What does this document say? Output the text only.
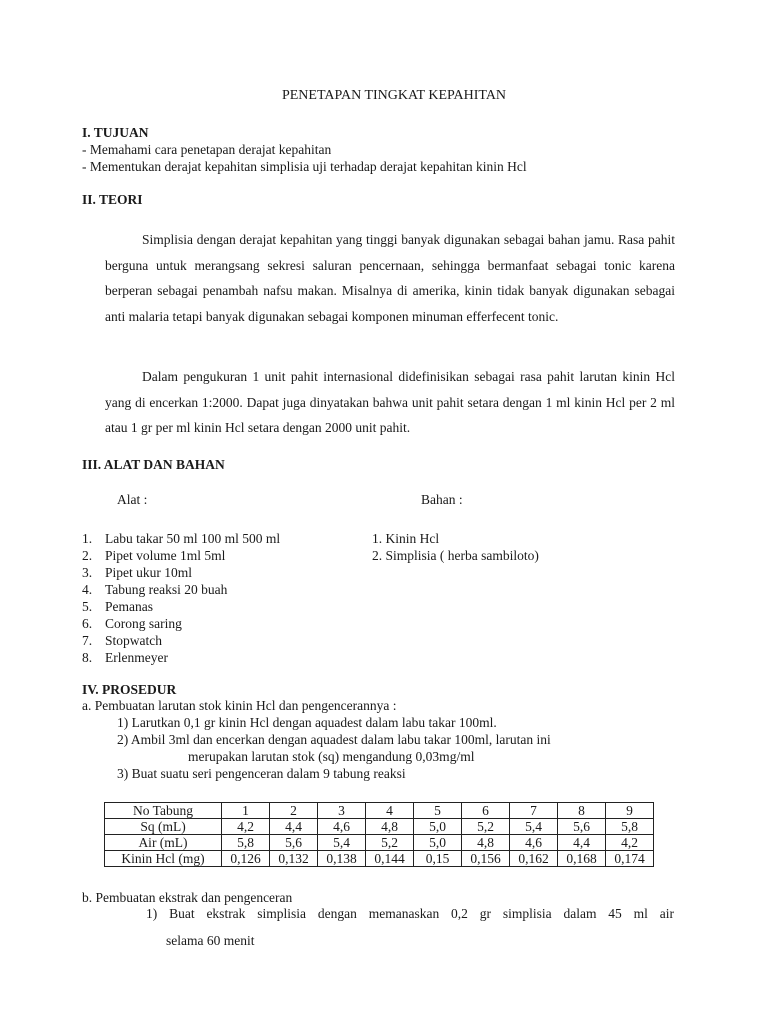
PENETAPAN TINGKAT KEPAHITAN
I. TUJUAN
- Memahami cara penetapan derajat kepahitan
- Mementukan derajat kepahitan simplisia uji terhadap derajat kepahitan kinin Hcl
II. TEORI

Simplisia dengan derajat kepahitan yang tinggi banyak digunakan sebagai bahan jamu. Rasa pahit berguna untuk merangsang sekresi saluran pencernaan, sehingga bermanfaat sebagai tonic karena berperan sebagai penambah nafsu makan. Misalnya di amerika, kinin tidak banyak digunakan sebagai anti malaria tetapi banyak digunakan sebagai komponen minuman efferfecent tonic.

Dalam pengukuran 1 unit pahit internasional didefinisikan sebagai rasa pahit larutan kinin Hcl yang di encerkan 1:2000. Dapat juga dinyatakan bahwa unit pahit setara dengan 1 ml kinin Hcl per 2 ml atau 1 gr per ml kinin Hcl setara dengan 2000 unit pahit.

III. ALAT DAN BAHAN
Alat :	Bahan :
1. Labu takar 50 ml 100 ml 500 ml
2. Pipet volume 1ml 5ml
3. Pipet ukur 10ml
4. Tabung reaksi 20 buah
5. Pemanas
6. Corong saring
7. Stopwatch
8. Erlenmeyer
1. Kinin Hcl
2. Simplisia ( herba sambiloto)
IV. PROSEDUR
a. Pembuatan larutan stok kinin Hcl dan pengencerannya :
1) Larutkan 0,1 gr kinin Hcl dengan aquadest dalam labu takar 100ml.
2) Ambil 3ml dan encerkan dengan aquadest dalam labu takar 100ml, larutan ini
merupakan larutan stok (sq) mengandung 0,03mg/ml
3) Buat suatu seri pengenceran dalam 9 tabung reaksi
No Tabung	1	2	3	4	5	6	7	8	9
Sq (mL)	4,2	4,4	4,6	4,8	5,0	5,2	5,4	5,6	5,8
Air (mL)	5,8	5,6	5,4	5,2	5,0	4,8	4,6	4,4	4,2
Kinin Hcl (mg)	0,126	0,132	0,138	0,144	0,15	0,156	0,162	0,168	0,174
b. Pembuatan ekstrak dan pengenceran
1) Buat ekstrak simplisia dengan memanaskan 0,2 gr simplisia dalam 45 ml air
selama 60 menit
